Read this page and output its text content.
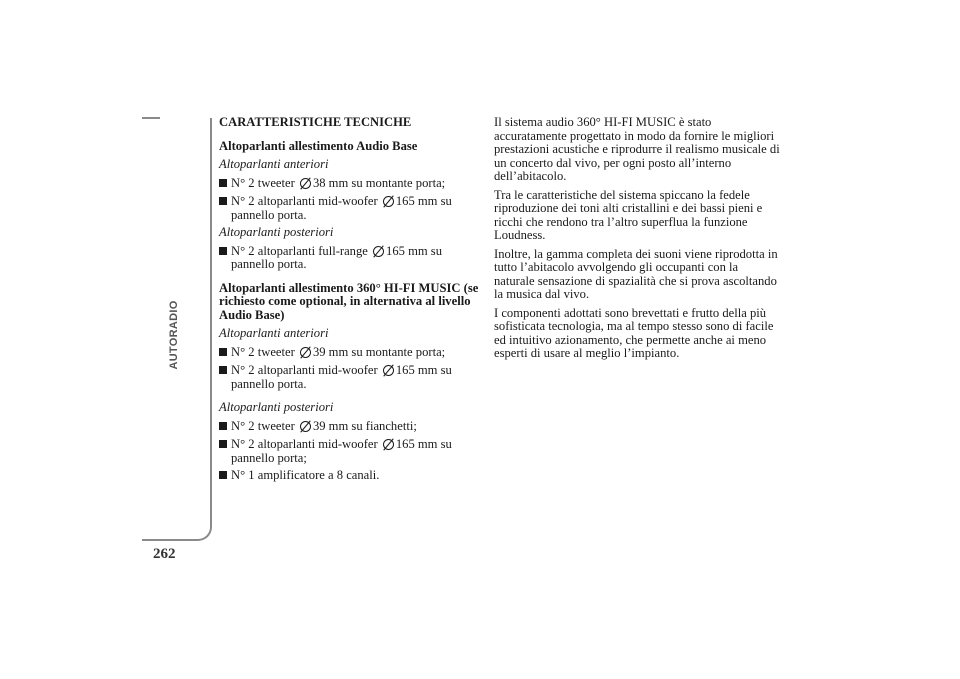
AUTORADIO
262
CARATTERISTICHE TECNICHE
Altoparlanti allestimento Audio Base
Altoparlanti anteriori
N° 2 tweeter 38 mm su montante porta;
N° 2 altoparlanti mid-woofer 165 mm su pannello porta.
Altoparlanti posteriori
N° 2 altoparlanti full-range 165 mm su pannello porta.
Altoparlanti allestimento 360° HI-FI MUSIC (se richiesto come optional, in alternativa al livello Audio Base)
Altoparlanti anteriori
N° 2 tweeter 39 mm su montante porta;
N° 2 altoparlanti mid-woofer 165 mm su pannello porta.
Altoparlanti posteriori
N° 2 tweeter 39 mm su fianchetti;
N° 2 altoparlanti mid-woofer 165 mm su pannello porta;
N° 1 amplificatore a 8 canali.
Il sistema audio 360° HI-FI MUSIC è stato accuratamente progettato in modo da fornire le migliori prestazioni acustiche e riprodurre il realismo musicale di un concerto dal vivo, per ogni posto all’interno dell’abitacolo.
Tra le caratteristiche del sistema spiccano la fedele riproduzione dei toni alti cristallini e dei bassi pieni e ricchi che rendono tra l’altro superflua la funzione Loudness.
Inoltre, la gamma completa dei suoni viene riprodotta in tutto l’abitacolo avvolgendo gli occupanti con la naturale sensazione di spazialità che si prova ascoltando la musica dal vivo.
I componenti adottati sono brevettati e frutto della più sofisticata tecnologia, ma al tempo stesso sono di facile ed intuitivo azionamento, che permette anche ai meno esperti di usare al meglio l’impianto.
